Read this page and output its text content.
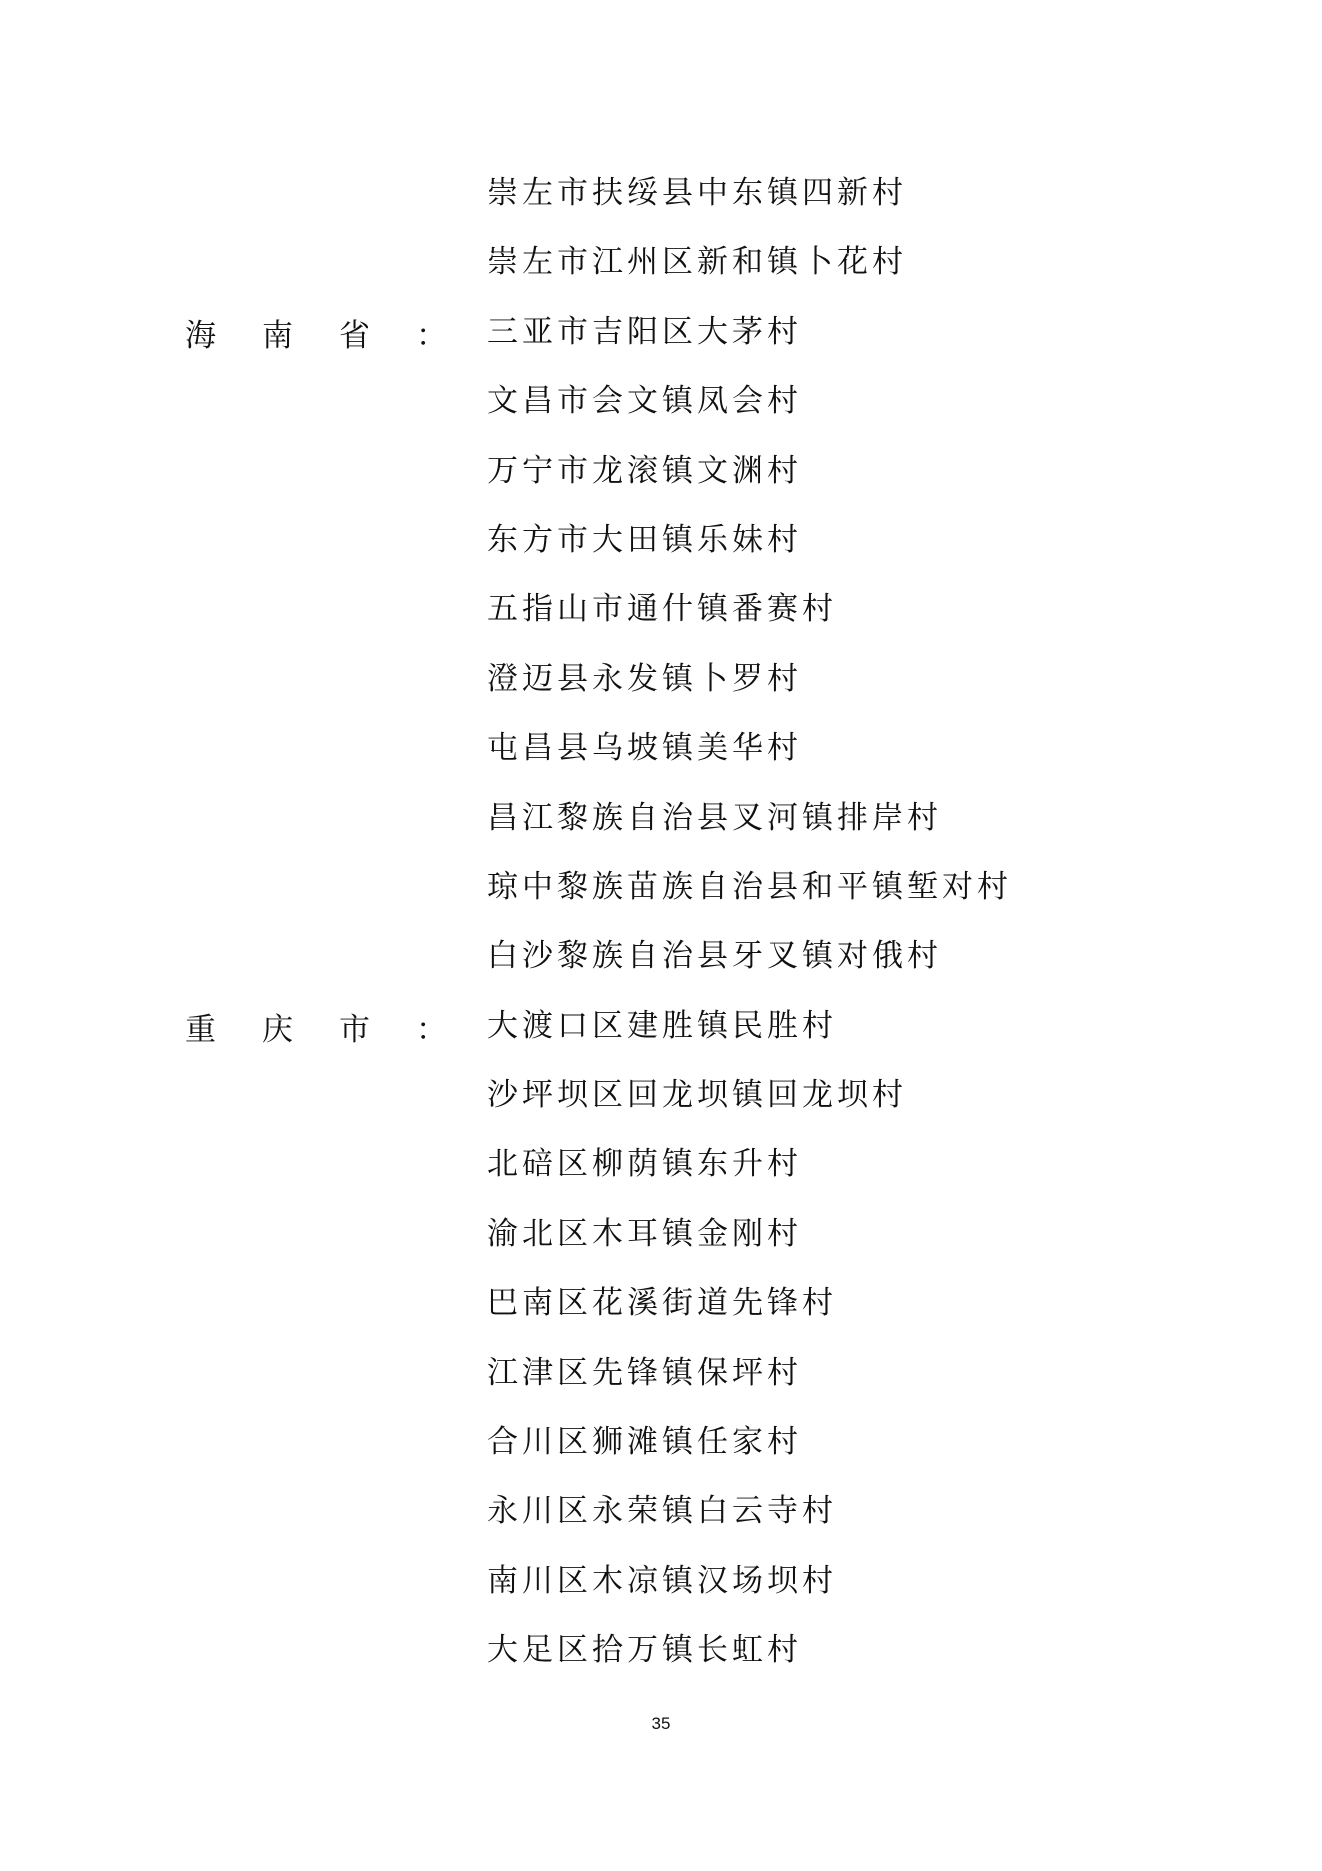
崇左市扶绥县中东镇四新村
崇左市江州区新和镇卜花村
海 南 省 ： 三亚市吉阳区大茅村
文昌市会文镇凤会村
万宁市龙滚镇文渊村
东方市大田镇乐妹村
五指山市通什镇番赛村
澄迈县永发镇卜罗村
屯昌县乌坡镇美华村
昌江黎族自治县叉河镇排岸村
琼中黎族苗族自治县和平镇堑对村
白沙黎族自治县牙叉镇对俄村
重 庆 市 ： 大渡口区建胜镇民胜村
沙坪坝区回龙坝镇回龙坝村
北碚区柳荫镇东升村
渝北区木耳镇金刚村
巴南区花溪街道先锋村
江津区先锋镇保坪村
合川区狮滩镇任家村
永川区永荣镇白云寺村
南川区木凉镇汉场坝村
大足区拾万镇长虹村
35
